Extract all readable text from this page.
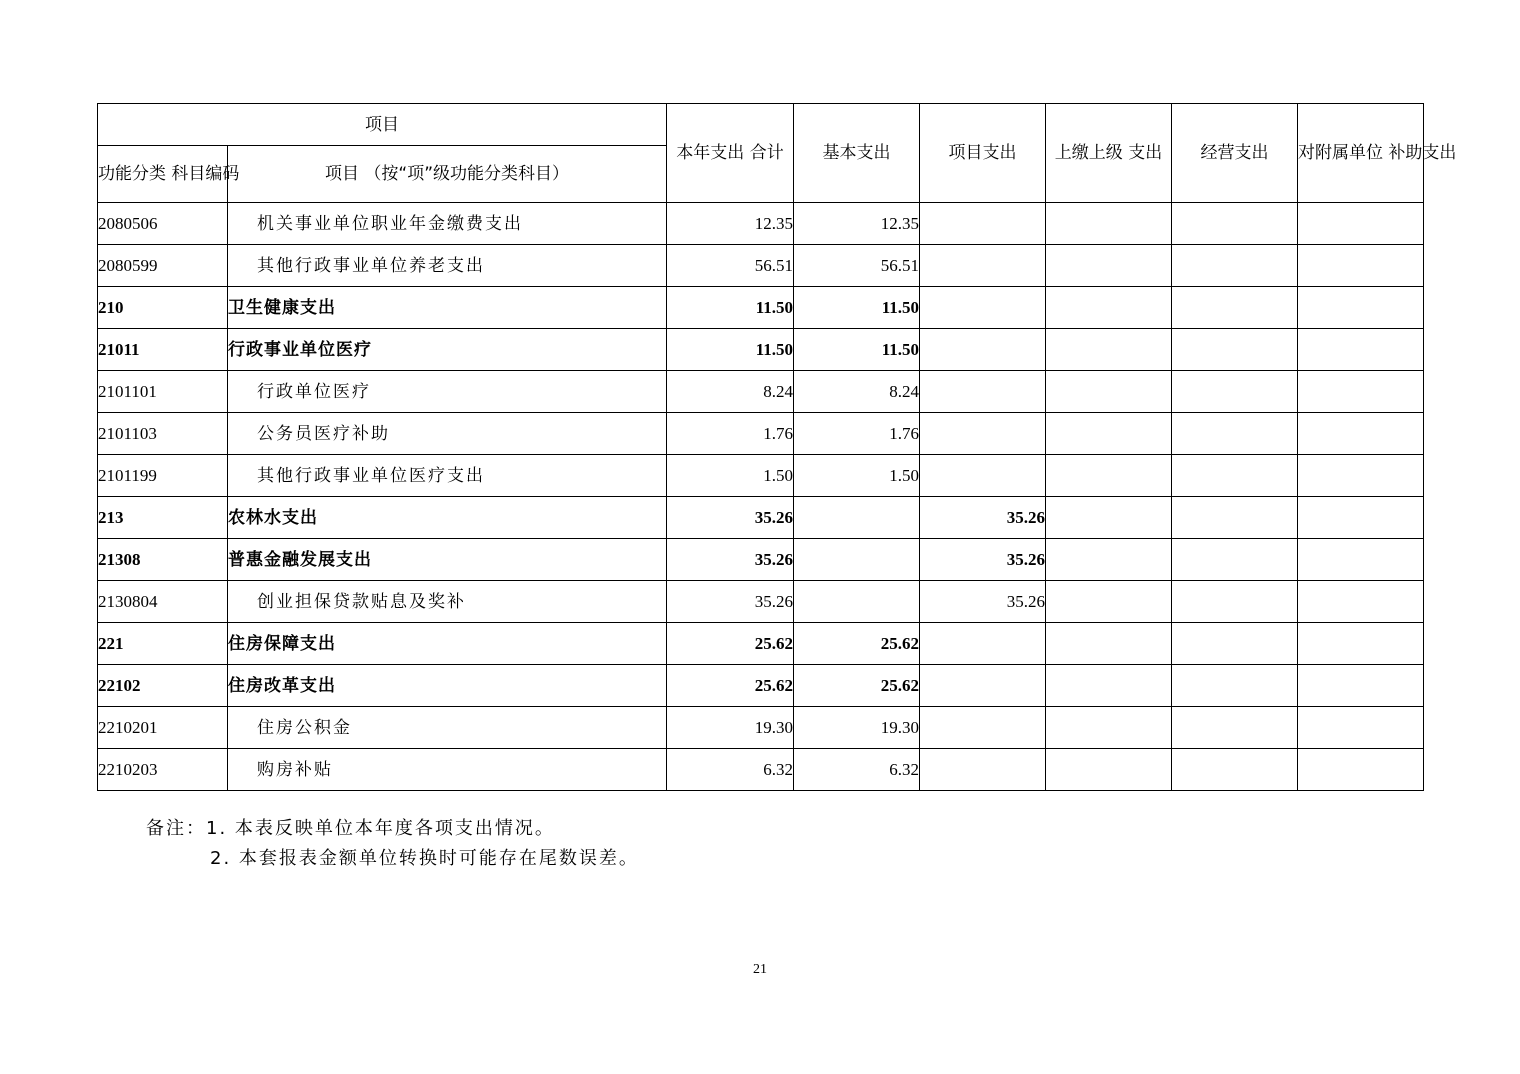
项目		本年支出 合计	基本支出	项目支出	上缴上级 支出	经营支出	对附属单位 补助支出
功能分类 科目编码	项目 （按“项”级功能分类科目）						
2080506	机关事业单位职业年金缴费支出	12.35	12.35				
2080599	其他行政事业单位养老支出	56.51	56.51				
210	卫生健康支出	11.50	11.50				
21011	行政事业单位医疗	11.50	11.50				
2101101	行政单位医疗	8.24	8.24				
2101103	公务员医疗补助	1.76	1.76				
2101199	其他行政事业单位医疗支出	1.50	1.50				
213	农林水支出	35.26		35.26			
21308	普惠金融发展支出	35.26		35.26			
2130804	创业担保贷款贴息及奖补	35.26		35.26			
221	住房保障支出	25.62	25.62				
22102	住房改革支出	25.62	25.62				
2210201	住房公积金	19.30	19.30				
2210203	购房补贴	6.32	6.32				
备注：1. 本表反映单位本年度各项支出情况。
2. 本套报表金额单位转换时可能存在尾数误差。
21
